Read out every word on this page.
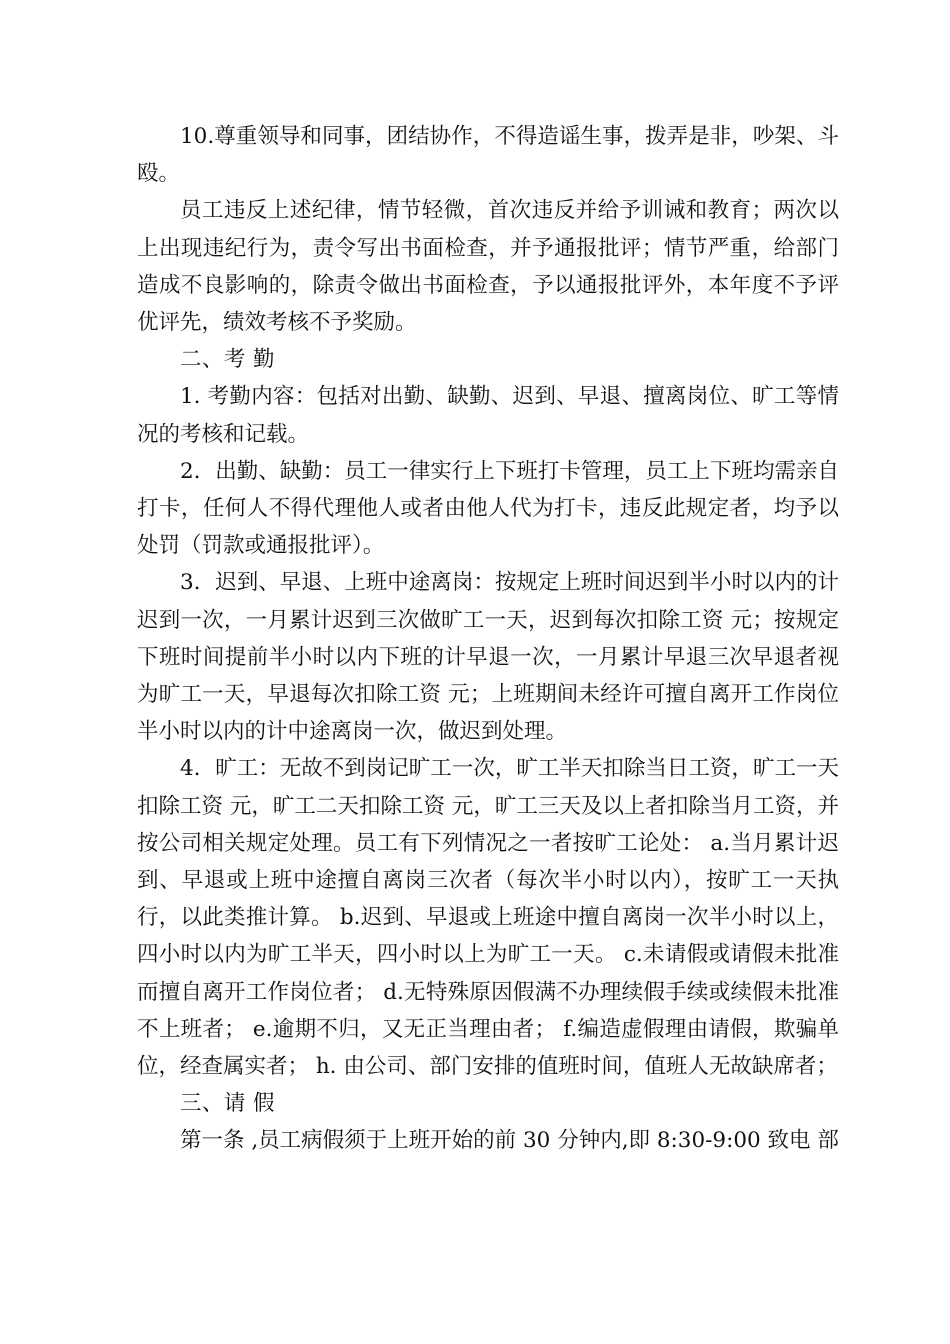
10.尊重领导和同事，团结协作，不得造谣生事，拨弄是非，吵架、斗殴。

员工违反上述纪律，情节轻微，首次违反并给予训诫和教育；两次以上出现违纪行为，责令写出书面检查，并予通报批评；情节严重，给部门造成不良影响的，除责令做出书面检查，予以通报批评外，本年度不予评优评先，绩效考核不予奖励。

二、考 勤

1. 考勤内容：包括对出勤、缺勤、迟到、早退、擅离岗位、旷工等情况的考核和记载。

2．出勤、缺勤：员工一律实行上下班打卡管理，员工上下班均需亲自打卡，任何人不得代理他人或者由他人代为打卡，违反此规定者，均予以处罚（罚款或通报批评）。

3．迟到、早退、上班中途离岗：按规定上班时间迟到半小时以内的计迟到一次，一月累计迟到三次做旷工一天，迟到每次扣除工资 元；按规定下班时间提前半小时以内下班的计早退一次，一月累计早退三次早退者视为旷工一天，早退每次扣除工资 元；上班期间未经许可擅自离开工作岗位半小时以内的计中途离岗一次，做迟到处理。

4．旷工：无故不到岗记旷工一次，旷工半天扣除当日工资，旷工一天扣除工资 元，旷工二天扣除工资 元，旷工三天及以上者扣除当月工资，并按公司相关规定处理。员工有下列情况之一者按旷工论处： a.当月累计迟到、早退或上班中途擅自离岗三次者（每次半小时以内），按旷工一天执行，以此类推计算。 b.迟到、早退或上班途中擅自离岗一次半小时以上，四小时以内为旷工半天，四小时以上为旷工一天。 c.未请假或请假未批准而擅自离开工作岗位者； d.无特殊原因假满不办理续假手续或续假未批准不上班者； e.逾期不归，又无正当理由者； f.编造虚假理由请假，欺骗单位，经查属实者； h. 由公司、部门安排的值班时间，值班人无故缺席者；

三、请 假

第一条 ,员工病假须于上班开始的前 30 分钟内,即 8:30-9:00 致电 部
